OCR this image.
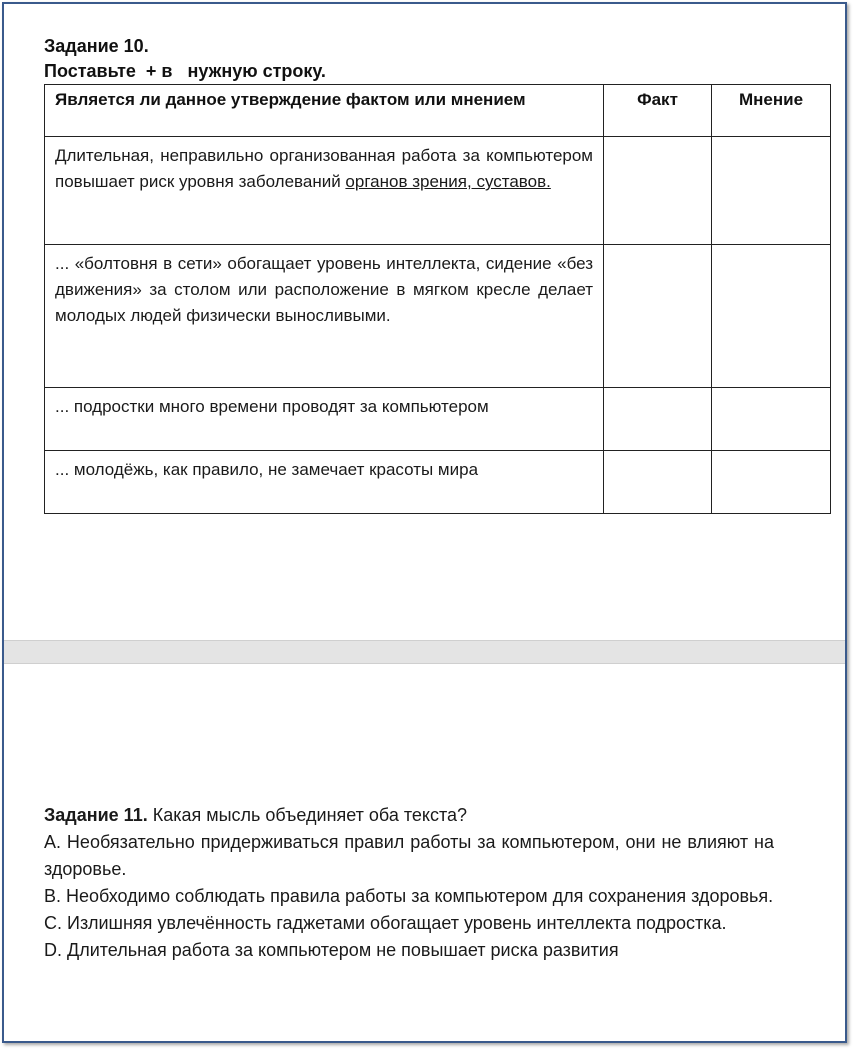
Задание 10.
Поставьте  + в   нужную строку.
Является ли данное утверждение фактом или мнением	Факт	Мнение
Длительная, неправильно организованная работа за компьютером повышает риск уровня заболеваний органов зрения, суставов.		
... «болтовня в сети» обогащает уровень интеллекта, сидение «без движения» за столом или расположение в мягком кресле делает молодых людей физически выносливыми.		
... подростки много времени проводят за компьютером		
... молодёжь, как правило, не замечает красоты мира		
Задание 11. Какая мысль объединяет оба текста?
A. Необязательно придерживаться правил работы за компьютером, они не влияют на здоровье.
B. Необходимо соблюдать правила работы за компьютером для сохранения здоровья.
C. Излишняя увлечённость гаджетами обогащает уровень интеллекта подростка.
D. Длительная работа за компьютером не повышает риска развития
